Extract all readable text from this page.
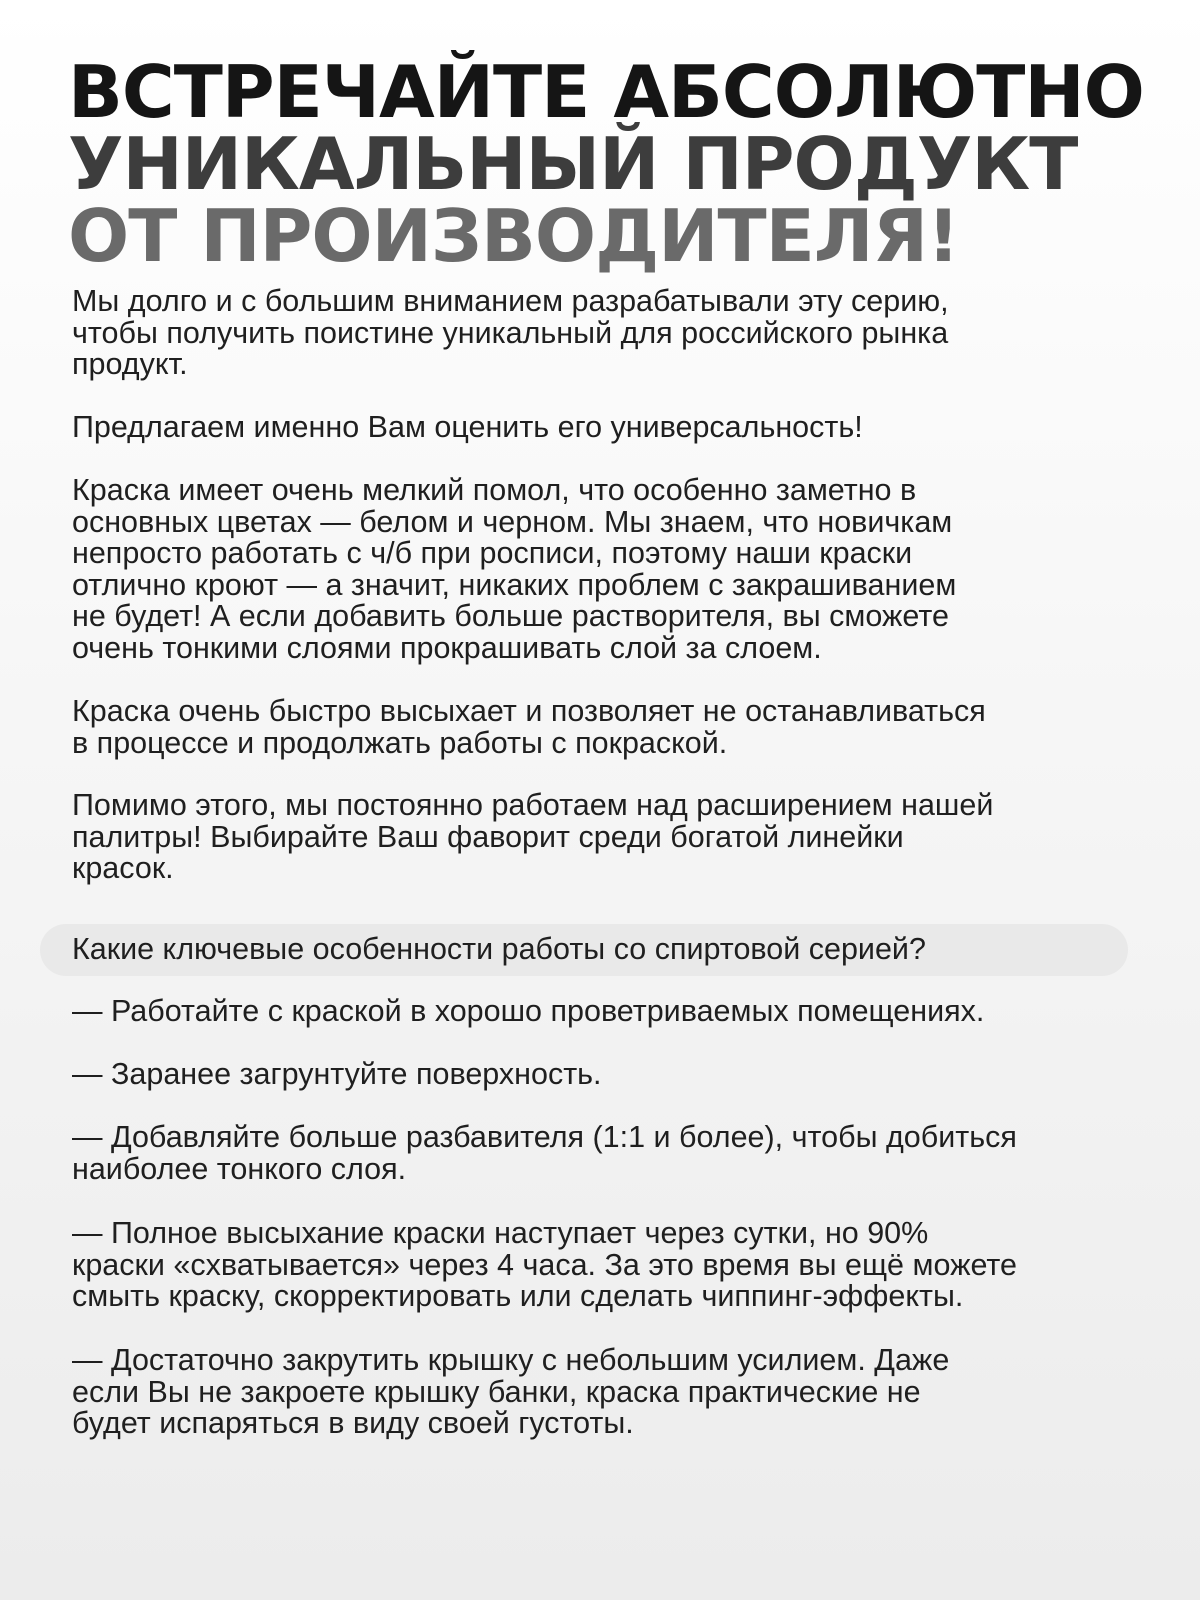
ВСТРЕЧАЙТЕ АБСОЛЮТНО
УНИКАЛЬНЫЙ ПРОДУКТ
ОТ ПРОИЗВОДИТЕЛЯ!
Мы долго и с большим вниманием разрабатывали эту серию,
чтобы получить поистине уникальный для российского рынка
продукт.
Предлагаем именно Вам оценить его универсальность!
Краска имеет очень мелкий помол, что особенно заметно в
основных цветах — белом и черном. Мы знаем, что новичкам
непросто работать с ч/б при росписи, поэтому наши краски
отлично кроют — а значит, никаких проблем с закрашиванием
не будет! А если добавить больше растворителя, вы сможете
очень тонкими слоями прокрашивать слой за слоем.
Краска очень быстро высыхает и позволяет не останавливаться
в процессе и продолжать работы с покраской.
Помимо этого, мы постоянно работаем над расширением нашей
палитры! Выбирайте Ваш фаворит среди богатой линейки
красок.
Какие ключевые особенности работы со спиртовой серией?
— Работайте с краской в хорошо проветриваемых помещениях.
— Заранее загрунтуйте поверхность.
— Добавляйте больше разбавителя (1:1 и более), чтобы добиться
наиболее тонкого слоя.
— Полное высыхание краски наступает через сутки, но 90%
краски «схватывается» через 4 часа. За это время вы ещё можете
смыть краску, скорректировать или сделать чиппинг-эффекты.
— Достаточно закрутить крышку с небольшим усилием. Даже
если Вы не закроете крышку банки, краска практические не
будет испаряться в виду своей густоты.
